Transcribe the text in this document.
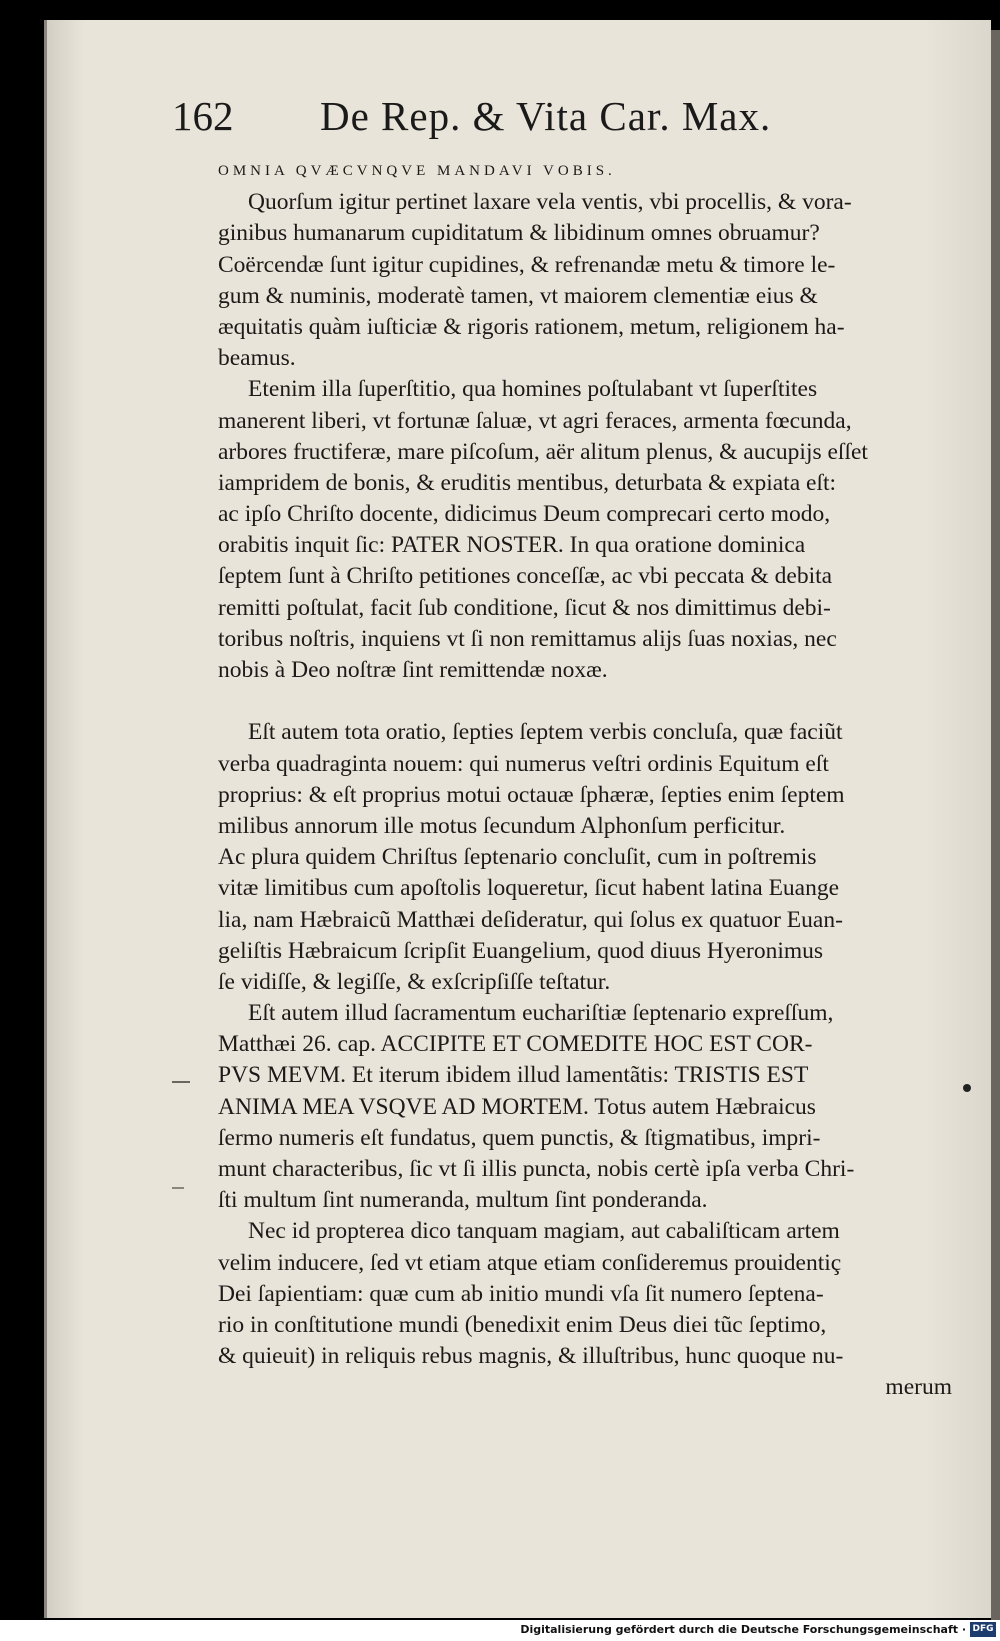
162 De Rep. & Vita Car. Max.
OMNIA QVÆCVNQVE MANDAVI VOBIS.
Quorſum igitur pertinet laxare vela ventis, vbi procellis, & vora-
ginibus humanarum cupiditatum & libidinum omnes obruamur?
Coërcendæ ſunt igitur cupidines, & refrenandæ metu & timore le-
gum & numinis, moderatè tamen, vt maiorem clementiæ eius &
æquitatis quàm iuſticiæ & rigoris rationem, metum, religionem ha-
beamus.
Etenim illa ſuperſtitio, qua homines poſtulabant vt ſuperſtites
manerent liberi, vt fortunæ ſaluæ, vt agri feraces, armenta fœcunda,
arbores fructiferæ, mare piſcoſum, aër alitum plenus, & aucupijs eſſet
iampridem de bonis, & eruditis mentibus, deturbata & expiata eſt:
ac ipſo Chriſto docente, didicimus Deum comprecari certo modo,
orabitis inquit ſic: PATER NOSTER. In qua oratione dominica
ſeptem ſunt à Chriſto petitiones conceſſæ, ac vbi peccata & debita
remitti poſtulat, facit ſub conditione, ſicut & nos dimittimus debi-
toribus noſtris, inquiens vt ſi non remittamus alijs ſuas noxias, nec
nobis à Deo noſtræ ſint remittendæ noxæ.
Eſt autem tota oratio, ſepties ſeptem verbis concluſa, quæ faciũt
verba quadraginta nouem: qui numerus veſtri ordinis Equitum eſt
proprius: & eſt proprius motui octauæ ſphæræ, ſepties enim ſeptem
milibus annorum ille motus ſecundum Alphonſum perficitur.
Ac plura quidem Chriſtus ſeptenario concluſit, cum in poſtremis
vitæ limitibus cum apoſtolis loqueretur, ſicut habent latina Euange
lia, nam Hæbraicũ Matthæi deſideratur, qui ſolus ex quatuor Euan-
geliſtis Hæbraicum ſcripſit Euangelium, quod diuus Hyeronimus
ſe vidiſſe, & legiſſe, & exſcripſiſſe teſtatur.
Eſt autem illud ſacramentum euchariſtiæ ſeptenario expreſſum,
Matthæi 26. cap. ACCIPITE ET COMEDITE HOC EST COR-
PVS MEVM. Et iterum ibidem illud lamentãtis: TRISTIS EST
ANIMA MEA VSQVE AD MORTEM. Totus autem Hæbraicus
ſermo numeris eſt fundatus, quem punctis, & ſtigmatibus, impri-
munt characteribus, ſic vt ſi illis puncta, nobis certè ipſa verba Chri-
ſti multum ſint numeranda, multum ſint ponderanda.
Nec id propterea dico tanquam magiam, aut cabaliſticam artem
velim inducere, ſed vt etiam atque etiam conſideremus prouidentiç
Dei ſapientiam: quæ cum ab initio mundi vſa ſit numero ſeptena-
rio in conſtitutione mundi (benedixit enim Deus diei tũc ſeptimo,
& quieuit) in reliquis rebus magnis, & illuſtribus, hunc quoque nu-
merum
Digitalisierung gefördert durch die Deutsche Forschungsgemeinschaft · DFG
